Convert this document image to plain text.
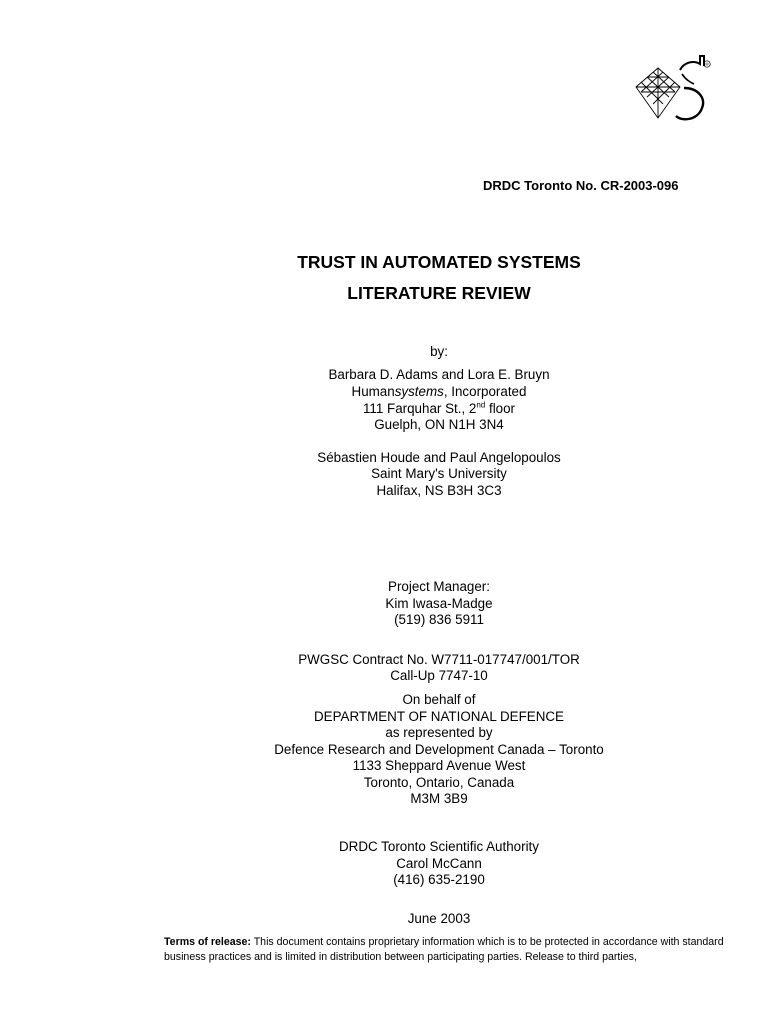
®
DRDC Toronto No. CR-2003-096
TRUST IN AUTOMATED SYSTEMS
LITERATURE REVIEW
by:
Barbara D. Adams and Lora E. Bruyn
Humansystems, Incorporated
111 Farquhar St., 2nd floor
Guelph, ON N1H 3N4
Sébastien Houde and Paul Angelopoulos
Saint Mary's University
Halifax, NS B3H 3C3
Project Manager:
Kim Iwasa-Madge
(519) 836 5911
PWGSC Contract No. W7711-017747/001/TOR
Call-Up 7747-10
On behalf of
DEPARTMENT OF NATIONAL DEFENCE
as represented by
Defence Research and Development Canada – Toronto
1133 Sheppard Avenue West
Toronto, Ontario, Canada
M3M 3B9
DRDC Toronto Scientific Authority
Carol McCann
(416) 635-2190
June 2003
Terms of release: This document contains proprietary information which is to be protected in accordance with standard business practices and is limited in distribution between participating parties. Release to third parties,
